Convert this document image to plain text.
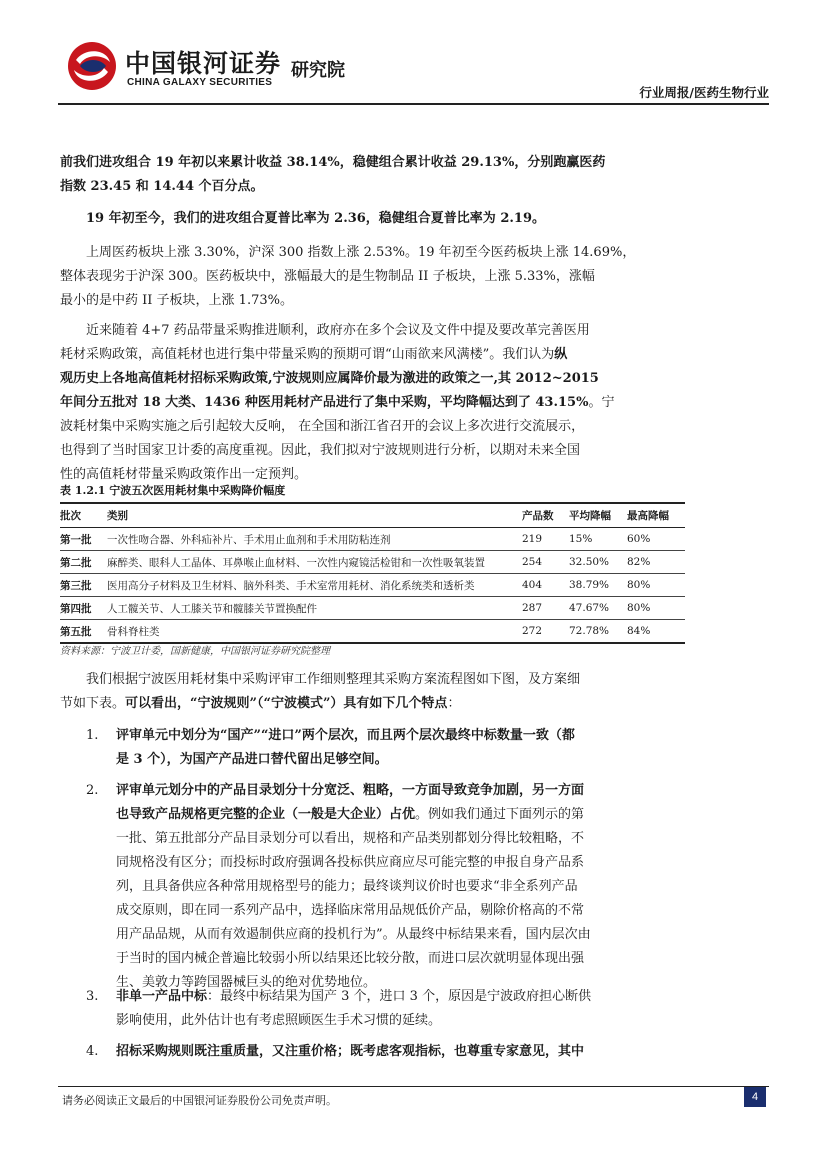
中国银河证券
CHINA GALAXY SECURITIES
研究院
行业周报/医药生物行业
前我们进攻组合 19 年初以来累计收益 38.14%，稳健组合累计收益 29.13%，分别跑赢医药
指数 23.45 和 14.44 个百分点。
19 年初至今，我们的进攻组合夏普比率为 2.36，稳健组合夏普比率为 2.19。
上周医药板块上涨 3.30%，沪深 300 指数上涨 2.53%。19 年初至今医药板块上涨 14.69%，
整体表现劣于沪深 300。医药板块中，涨幅最大的是生物制品 II 子板块，上涨 5.33%，涨幅
最小的是中药 II 子板块，上涨 1.73%。
近来随着 4+7 药品带量采购推进顺利，政府亦在多个会议及文件中提及要改革完善医用
耗材采购政策，高值耗材也进行集中带量采购的预期可谓“山雨欲来风满楼”。我们认为纵
观历史上各地高值耗材招标采购政策,宁波规则应属降价最为激进的政策之一,其 2012~2015
年间分五批对 18 大类、1436 种医用耗材产品进行了集中采购，平均降幅达到了 43.15%。宁
波耗材集中采购实施之后引起较大反响， 在全国和浙江省召开的会议上多次进行交流展示，
也得到了当时国家卫计委的高度重视。因此，我们拟对宁波规则进行分析，以期对未来全国
性的高值耗材带量采购政策作出一定预判。
表 1.2.1 宁波五次医用耗材集中采购降价幅度
批次	类别	产品数	平均降幅	最高降幅
第一批	一次性吻合器、外科疝补片、手术用止血剂和手术用防粘连剂	219	15%	60%
第二批	麻醉类、眼科人工晶体、耳鼻喉止血材料、一次性内窥镜活检钳和一次性吸氧装置	254	32.50%	82%
第三批	医用高分子材料及卫生材料、脑外科类、手术室常用耗材、消化系统类和透析类	404	38.79%	80%
第四批	人工髋关节、人工膝关节和髋膝关节置换配件	287	47.67%	80%
第五批	骨科脊柱类	272	72.78%	84%
资料来源：宁波卫计委，国新健康，中国银河证券研究院整理
我们根据宁波医用耗材集中采购评审工作细则整理其采购方案流程图如下图，及方案细
节如下表。可以看出，“宁波规则”（“宁波模式”）具有如下几个特点：
1. 评审单元中划分为“国产”“进口”两个层次，而且两个层次最终中标数量一致（都
是 3 个），为国产产品进口替代留出足够空间。
2. 评审单元划分中的产品目录划分十分宽泛、粗略，一方面导致竞争加剧，另一方面
也导致产品规格更完整的企业（一般是大企业）占优。例如我们通过下面列示的第
一批、第五批部分产品目录划分可以看出，规格和产品类别都划分得比较粗略，不
同规格没有区分；而投标时政府强调各投标供应商应尽可能完整的申报自身产品系
列，且具备供应各种常用规格型号的能力；最终谈判议价时也要求“非全系列产品
成交原则，即在同一系列产品中，选择临床常用品规低价产品，剔除价格高的不常
用产品品规，从而有效遏制供应商的投机行为”。从最终中标结果来看，国内层次由
于当时的国内械企普遍比较弱小所以结果还比较分散，而进口层次就明显体现出强
生、美敦力等跨国器械巨头的绝对优势地位。
3. 非单一产品中标：最终中标结果为国产 3 个，进口 3 个，原因是宁波政府担心断供
影响使用，此外估计也有考虑照顾医生手术习惯的延续。
4. 招标采购规则既注重质量，又注重价格；既考虑客观指标，也尊重专家意见，其中
请务必阅读正文最后的中国银河证券股份公司免责声明。	4
